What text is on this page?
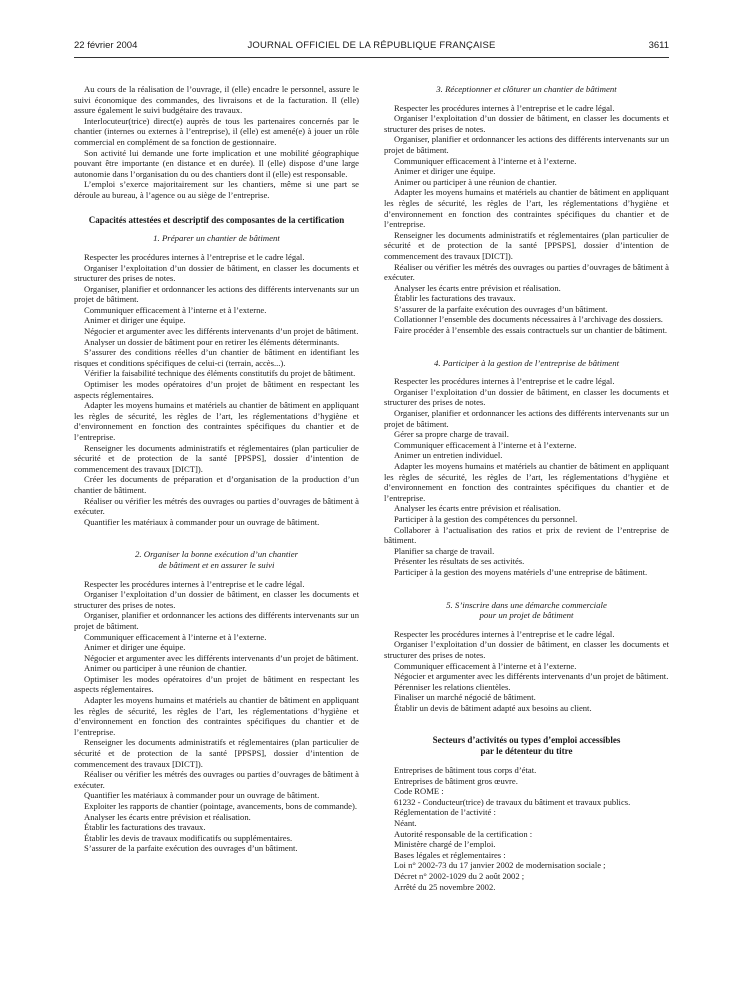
22 février 2004	JOURNAL OFFICIEL DE LA RÉPUBLIQUE FRANÇAISE	3611

Au cours de la réalisation de l’ouvrage, il (elle) encadre le personnel, assure le suivi économique des commandes, des livraisons et de la facturation. Il (elle) assure également le suivi budgétaire des travaux.

Interlocuteur(trice) direct(e) auprès de tous les partenaires concernés par le chantier (internes ou externes à l’entreprise), il (elle) est amené(e) à jouer un rôle commercial en complément de sa fonction de gestionnaire.

Son activité lui demande une forte implication et une mobilité géographique pouvant être importante (en distance et en durée). Il (elle) dispose d’une large autonomie dans l’organisation du ou des chantiers dont il (elle) est responsable.

L’emploi s’exerce majoritairement sur les chantiers, même si une part se déroule au bureau, à l’agence ou au siège de l’entreprise.

Capacités attestées et descriptif des composantes de la certification
1. Préparer un chantier de bâtiment

Respecter les procédures internes à l’entreprise et le cadre légal.

Organiser l’exploitation d’un dossier de bâtiment, en classer les documents et structurer des prises de notes.

Organiser, planifier et ordonnancer les actions des différents intervenants sur un projet de bâtiment.

Communiquer efficacement à l’interne et à l’externe.

Animer et diriger une équipe.

Négocier et argumenter avec les différents intervenants d’un projet de bâtiment.

Analyser un dossier de bâtiment pour en retirer les éléments déterminants.

S’assurer des conditions réelles d’un chantier de bâtiment en identifiant les risques et conditions spécifiques de celui-ci (terrain, accès...).

Vérifier la faisabilité technique des éléments constitutifs du projet de bâtiment.

Optimiser les modes opératoires d’un projet de bâtiment en respectant les aspects réglementaires.

Adapter les moyens humains et matériels au chantier de bâtiment en appliquant les règles de sécurité, les règles de l’art, les réglementations d’hygiène et d’environnement en fonction des contraintes spécifiques du chantier et de l’entreprise.

Renseigner les documents administratifs et réglementaires (plan particulier de sécurité et de protection de la santé [PPSPS], dossier d’intention de commencement des travaux [DICT]).

Créer les documents de préparation et d’organisation de la production d’un chantier de bâtiment.

Réaliser ou vérifier les métrés des ouvrages ou parties d’ouvrages de bâtiment à exécuter.

Quantifier les matériaux à commander pour un ouvrage de bâtiment.

2. Organiser la bonne exécution d’un chantier
de bâtiment et en assurer le suivi

Respecter les procédures internes à l’entreprise et le cadre légal.

Organiser l’exploitation d’un dossier de bâtiment, en classer les documents et structurer des prises de notes.

Organiser, planifier et ordonnancer les actions des différents intervenants sur un projet de bâtiment.

Communiquer efficacement à l’interne et à l’externe.

Animer et diriger une équipe.

Négocier et argumenter avec les différents intervenants d’un projet de bâtiment.

Animer ou participer à une réunion de chantier.

Optimiser les modes opératoires d’un projet de bâtiment en respectant les aspects réglementaires.

Adapter les moyens humains et matériels au chantier de bâtiment en appliquant les règles de sécurité, les règles de l’art, les réglementations d’hygiène et d’environnement en fonction des contraintes spécifiques du chantier et de l’entreprise.

Renseigner les documents administratifs et réglementaires (plan particulier de sécurité et de protection de la santé [PPSPS], dossier d’intention de commencement des travaux [DICT]).

Réaliser ou vérifier les métrés des ouvrages ou parties d’ouvrages de bâtiment à exécuter.

Quantifier les matériaux à commander pour un ouvrage de bâtiment.

Exploiter les rapports de chantier (pointage, avancements, bons de commande).

Analyser les écarts entre prévision et réalisation.

Établir les facturations des travaux.

Établir les devis de travaux modificatifs ou supplémentaires.

S’assurer de la parfaite exécution des ouvrages d’un bâtiment.

3. Réceptionner et clôturer un chantier de bâtiment

Respecter les procédures internes à l’entreprise et le cadre légal.

Organiser l’exploitation d’un dossier de bâtiment, en classer les documents et structurer des prises de notes.

Organiser, planifier et ordonnancer les actions des différents intervenants sur un projet de bâtiment.

Communiquer efficacement à l’interne et à l’externe.

Animer et diriger une équipe.

Animer ou participer à une réunion de chantier.

Adapter les moyens humains et matériels au chantier de bâtiment en appliquant les règles de sécurité, les règles de l’art, les réglementations d’hygiène et d’environnement en fonction des contraintes spécifiques du chantier et de l’entreprise.

Renseigner les documents administratifs et réglementaires (plan particulier de sécurité et de protection de la santé [PPSPS], dossier d’intention de commencement des travaux [DICT]).

Réaliser ou vérifier les métrés des ouvrages ou parties d’ouvrages de bâtiment à exécuter.

Analyser les écarts entre prévision et réalisation.

Établir les facturations des travaux.

S’assurer de la parfaite exécution des ouvrages d’un bâtiment.

Collationner l’ensemble des documents nécessaires à l’archivage des dossiers.

Faire procéder à l’ensemble des essais contractuels sur un chantier de bâtiment.

4. Participer à la gestion de l’entreprise de bâtiment

Respecter les procédures internes à l’entreprise et le cadre légal.

Organiser l’exploitation d’un dossier de bâtiment, en classer les documents et structurer des prises de notes.

Organiser, planifier et ordonnancer les actions des différents intervenants sur un projet de bâtiment.

Gérer sa propre charge de travail.

Communiquer efficacement à l’interne et à l’externe.

Animer un entretien individuel.

Adapter les moyens humains et matériels au chantier de bâtiment en appliquant les règles de sécurité, les règles de l’art, les réglementations d’hygiène et d’environnement en fonction des contraintes spécifiques du chantier et de l’entreprise.

Analyser les écarts entre prévision et réalisation.

Participer à la gestion des compétences du personnel.

Collaborer à l’actualisation des ratios et prix de revient de l’entreprise de bâtiment.

Planifier sa charge de travail.

Présenter les résultats de ses activités.

Participer à la gestion des moyens matériels d’une entreprise de bâtiment.

5. S’inscrire dans une démarche commerciale
pour un projet de bâtiment

Respecter les procédures internes à l’entreprise et le cadre légal.

Organiser l’exploitation d’un dossier de bâtiment, en classer les documents et structurer des prises de notes.

Communiquer efficacement à l’interne et à l’externe.

Négocier et argumenter avec les différents intervenants d’un projet de bâtiment.

Pérenniser les relations clientèles.

Finaliser un marché négocié de bâtiment.

Établir un devis de bâtiment adapté aux besoins au client.

Secteurs d’activités ou types d’emploi accessibles
par le détenteur du titre

Entreprises de bâtiment tous corps d’état.

Entreprises de bâtiment gros œuvre.

Code ROME :

61232 - Conducteur(trice) de travaux du bâtiment et travaux publics.

Réglementation de l’activité :

Néant.

Autorité responsable de la certification :

Ministère chargé de l’emploi.

Bases légales et réglementaires :

Loi n° 2002-73 du 17 janvier 2002 de modernisation sociale ;

Décret n° 2002-1029 du 2 août 2002 ;

Arrêté du 25 novembre 2002.
